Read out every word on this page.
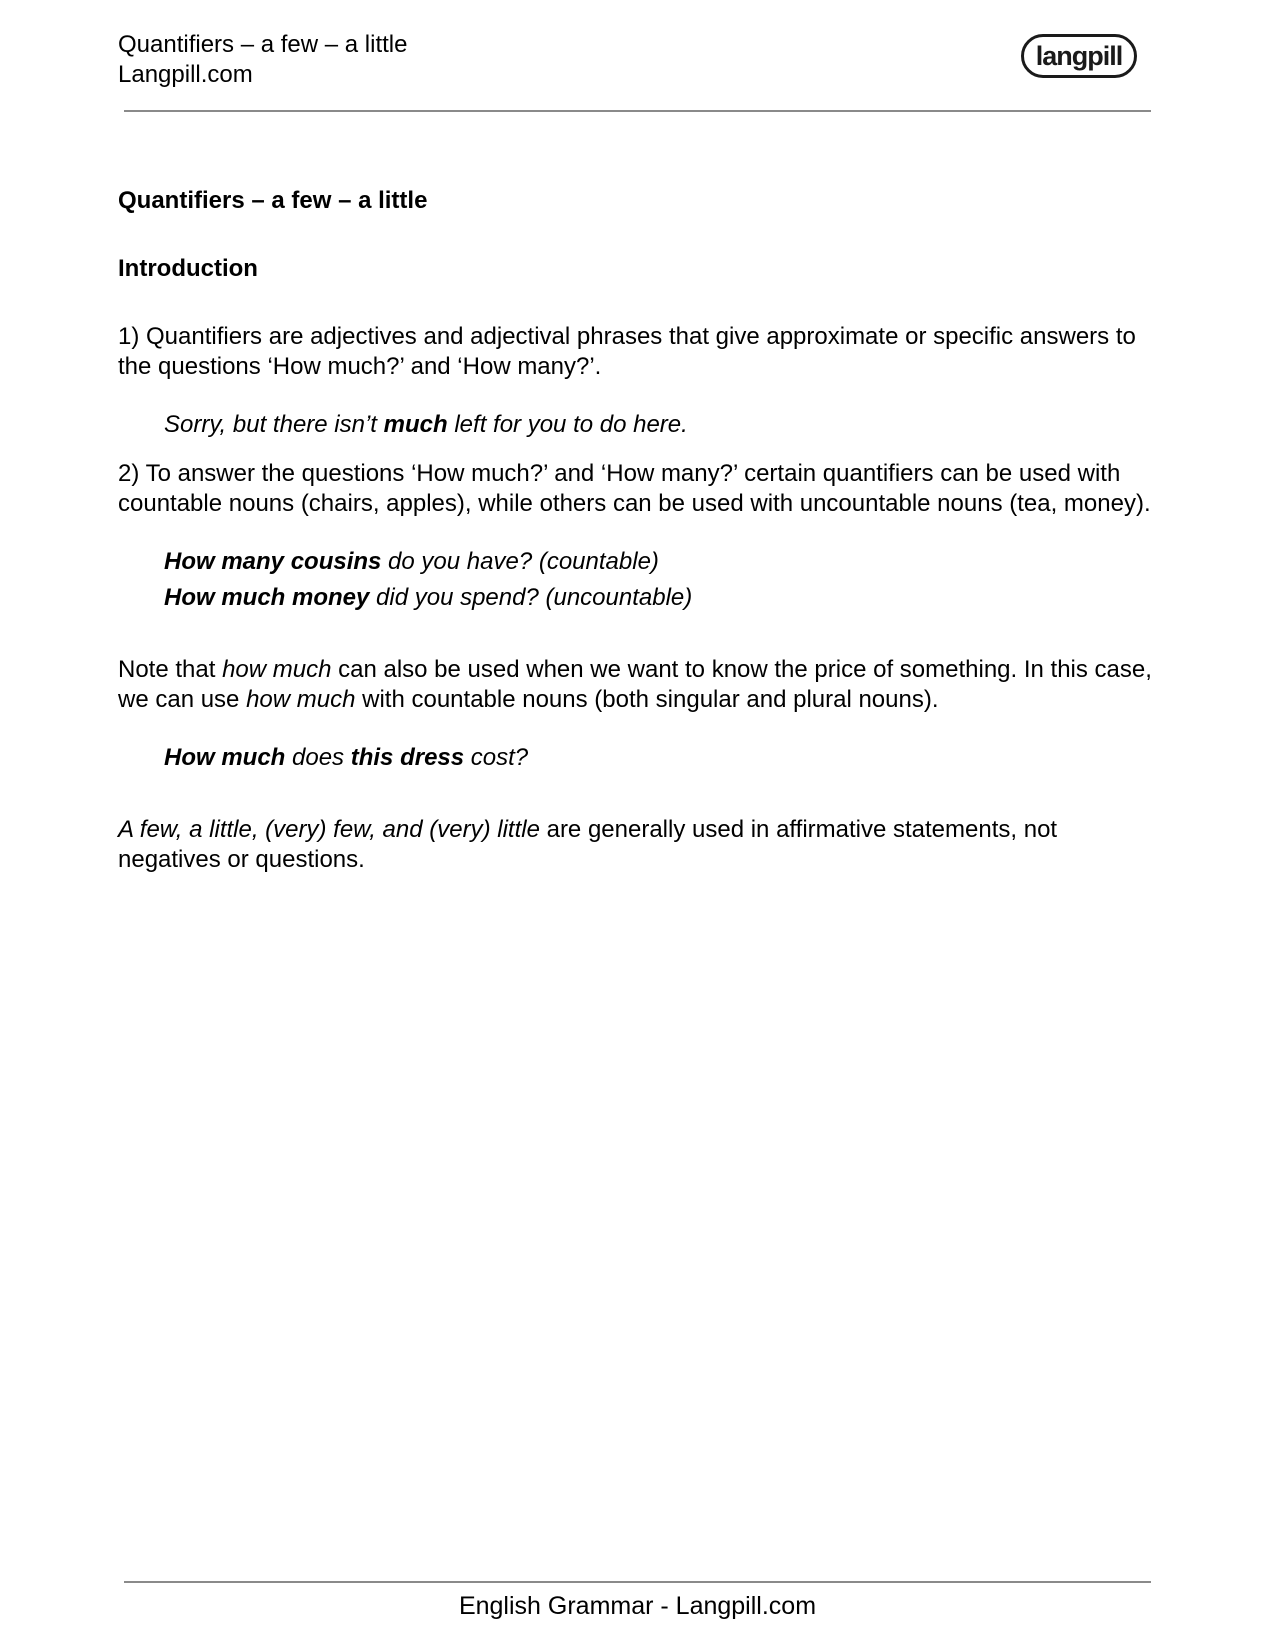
Quantifiers – a few – a little
Langpill.com
langpill

Quantifiers – a few – a little

Introduction

1) Quantifiers are adjectives and adjectival phrases that give approximate or specific answers to the questions ‘How much?’ and ‘How many?’.

Sorry, but there isn’t much left for you to do here.

2) To answer the questions ‘How much?’ and ‘How many?’ certain quantifiers can be used with countable nouns (chairs, apples), while others can be used with uncountable nouns (tea, money).

How many cousins do you have? (countable)

How much money did you spend? (uncountable)

Note that how much can also be used when we want to know the price of something. In this case, we can use how much with countable nouns (both singular and plural nouns).

How much does this dress cost?

A few, a little, (very) few, and (very) little are generally used in affirmative statements, not negatives or questions.

English Grammar - Langpill.com
